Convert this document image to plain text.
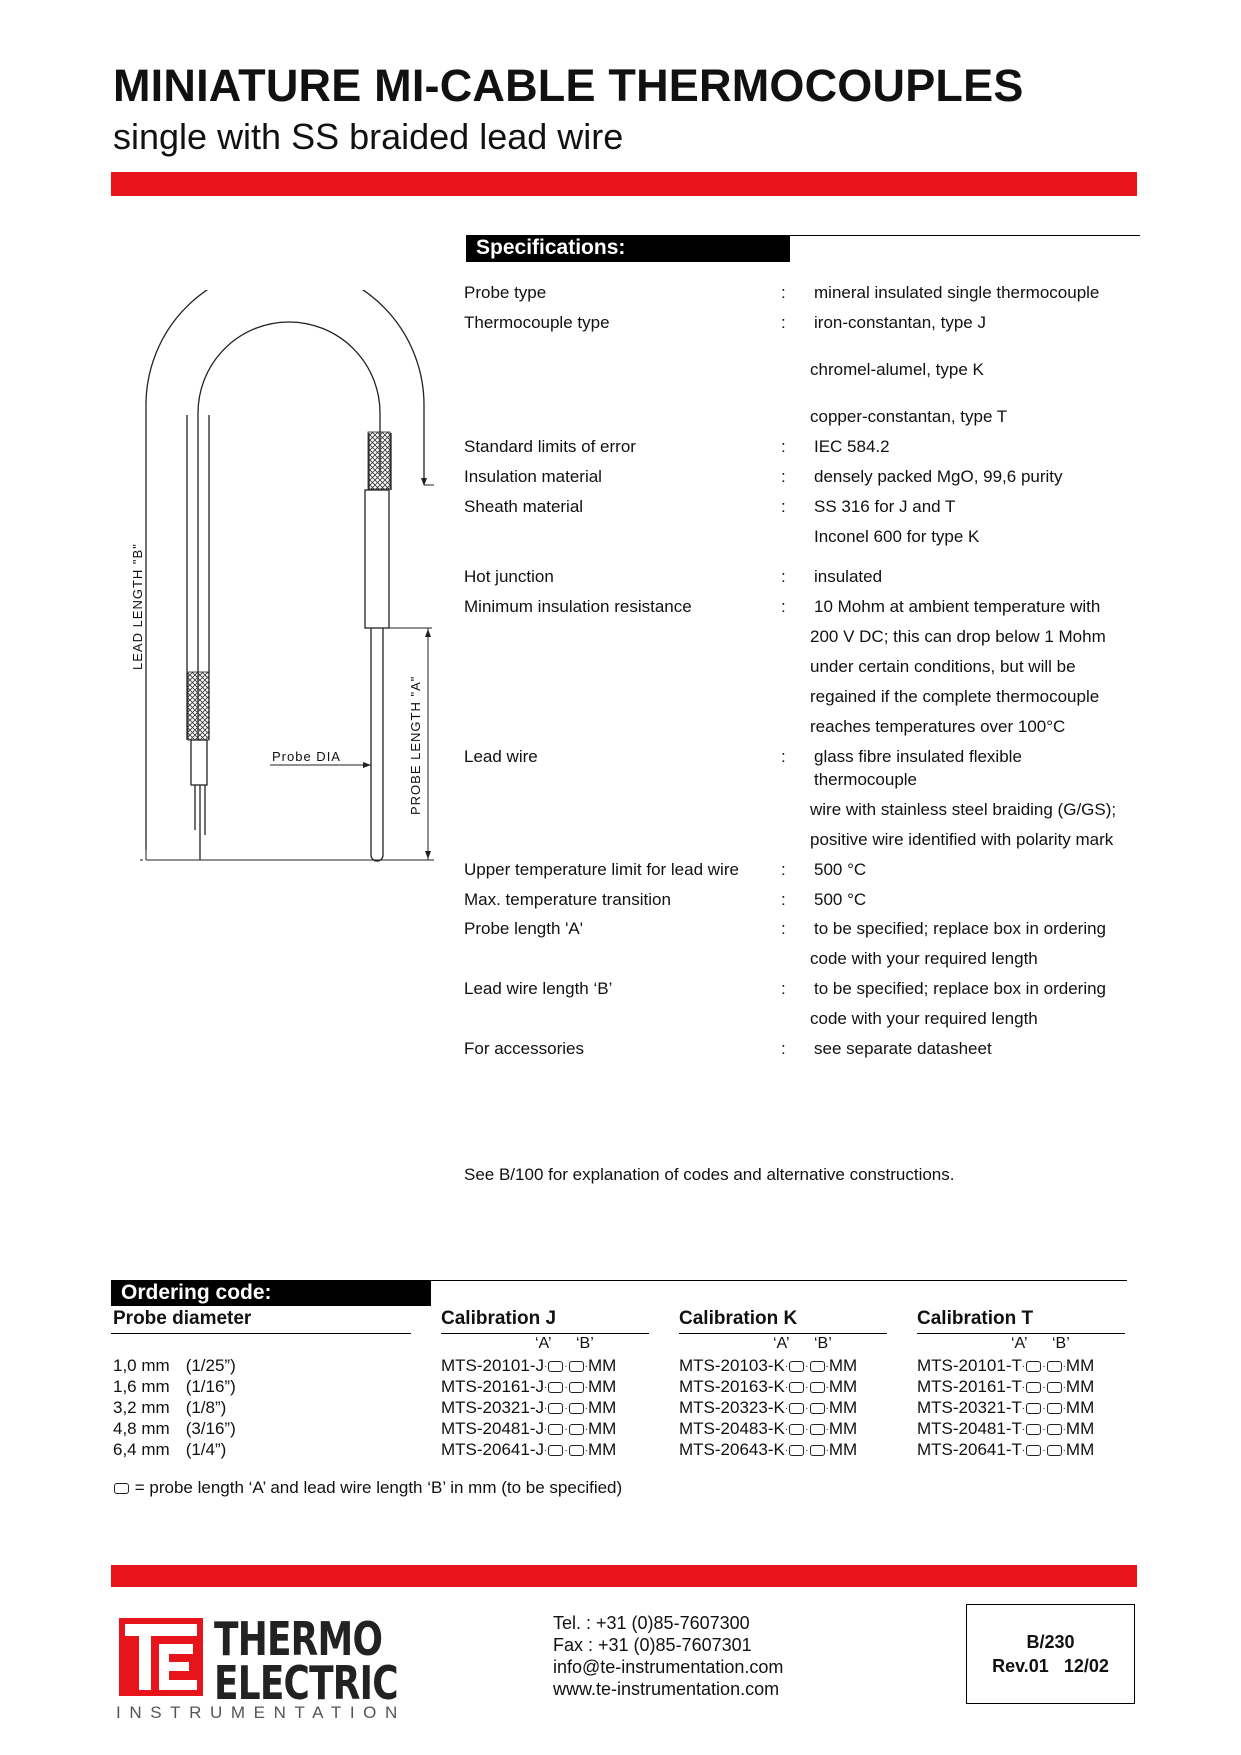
MINIATURE MI-CABLE THERMOCOUPLES
single with SS braided lead wire
LEAD LENGTH "B"
PROBE LENGTH "A"
Probe DIA
Specifications:
Probe type	: mineral insulated single thermocouple
Thermocouple type	: iron-constantan, type J
chromel-alumel, type K
copper-constantan, type T
Standard limits of error	: IEC 584.2
Insulation material	: densely packed MgO, 99,6 purity
Sheath material	: SS 316 for J and T
Inconel 600 for type K
Hot junction	: insulated
Minimum insulation resistance	: 10 Mohm at ambient temperature with
200 V DC; this can drop below 1 Mohm
under certain conditions, but will be
regained if the complete thermocouple
reaches temperatures over 100°C
Lead wire	: glass fibre insulated flexible
thermocouple
wire with stainless steel braiding (G/GS);
positive wire identified with polarity mark
Upper temperature limit for lead wire : 500 °C
Max. temperature transition	: 500 °C
Probe length 'A'	: to be specified; replace box in ordering
code with your required length
Lead wire length ‘B’	: to be specified; replace box in ordering
code with your required length
For accessories	: see separate datasheet
See B/100 for explanation of codes and alternative constructions.
Ordering code:
Probe diameter	Calibration J	Calibration K	Calibration T
‘A’ ‘B’	‘A’ ‘B’	‘A’ ‘B’
1,0 mm (1/25”)	MTS-20101-J· · ·MM	MTS-20103-K· · ·MM	MTS-20101-T· · ·MM
1,6 mm (1/16”)	MTS-20161-J· · ·MM	MTS-20163-K· · ·MM	MTS-20161-T· · ·MM
3,2 mm (1/8”)	MTS-20321-J· · ·MM	MTS-20323-K· · ·MM	MTS-20321-T· · ·MM
4,8 mm (3/16”)	MTS-20481-J· · ·MM	MTS-20483-K· · ·MM	MTS-20481-T· · ·MM
6,4 mm (1/4”)	MTS-20641-J· · ·MM	MTS-20643-K· · ·MM	MTS-20641-T· · ·MM
= probe length ‘A’ and lead wire length ‘B’ in mm (to be specified)
THERMO
ELECTRIC
INSTRUMENTATION
Tel. : +31 (0)85-7607300
Fax : +31 (0)85-7607301
info@te-instrumentation.com
www.te-instrumentation.com
B/230
Rev.01   12/02
